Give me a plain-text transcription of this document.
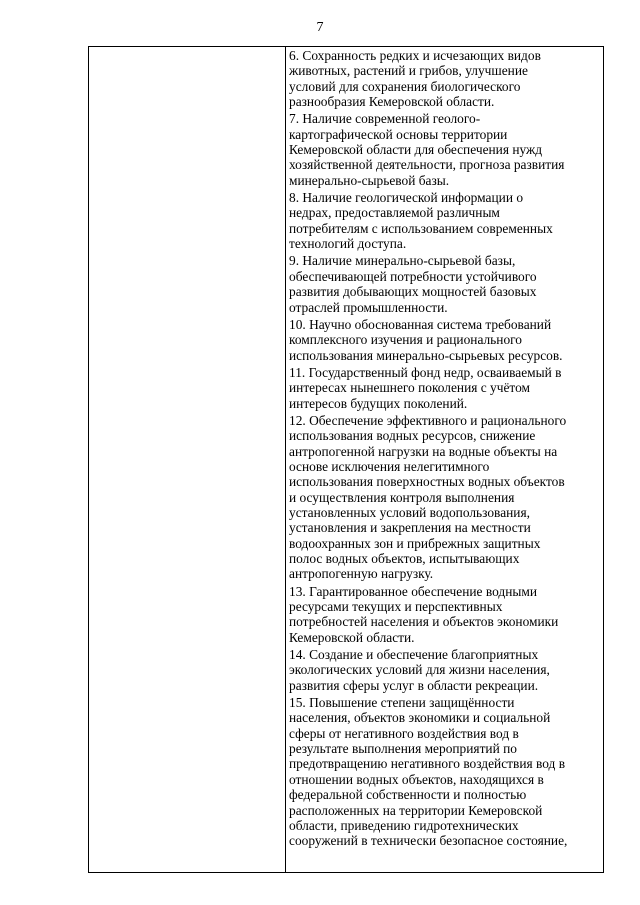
7

6. Сохранность редких и исчезающих видов
животных, растений и грибов, улучшение
условий для сохранения биологического
разнообразия Кемеровской области.

7. Наличие современной геолого-
картографической основы территории
Кемеровской области для обеспечения нужд
хозяйственной деятельности, прогноза развития
минерально-сырьевой базы.

8. Наличие геологической информации о
недрах, предоставляемой различным
потребителям с использованием современных
технологий доступа.

9. Наличие минерально-сырьевой базы,
обеспечивающей потребности устойчивого
развития добывающих мощностей базовых
отраслей промышленности.

10. Научно обоснованная система требований
комплексного изучения и рационального
использования минерально-сырьевых ресурсов.

11. Государственный фонд недр, осваиваемый в
интересах нынешнего поколения с учётом
интересов будущих поколений.

12. Обеспечение эффективного и рационального
использования водных ресурсов, снижение
антропогенной нагрузки на водные объекты на
основе исключения нелегитимного
использования поверхностных водных объектов
и осуществления контроля выполнения
установленных условий водопользования,
установления и закрепления на местности
водоохранных зон и прибрежных защитных
полос водных объектов, испытывающих
антропогенную нагрузку.

13. Гарантированное обеспечение водными
ресурсами текущих и перспективных
потребностей населения и объектов экономики
Кемеровской области.

14. Создание и обеспечение благоприятных
экологических условий для жизни населения,
развития сферы услуг в области рекреации.

15. Повышение степени защищённости
населения, объектов экономики и социальной
сферы от негативного воздействия вод в
результате выполнения мероприятий по
предотвращению негативного воздействия вод в
отношении водных объектов, находящихся в
федеральной собственности и полностью
расположенных на территории Кемеровской
области, приведению гидротехнических
сооружений в технически безопасное состояние,
